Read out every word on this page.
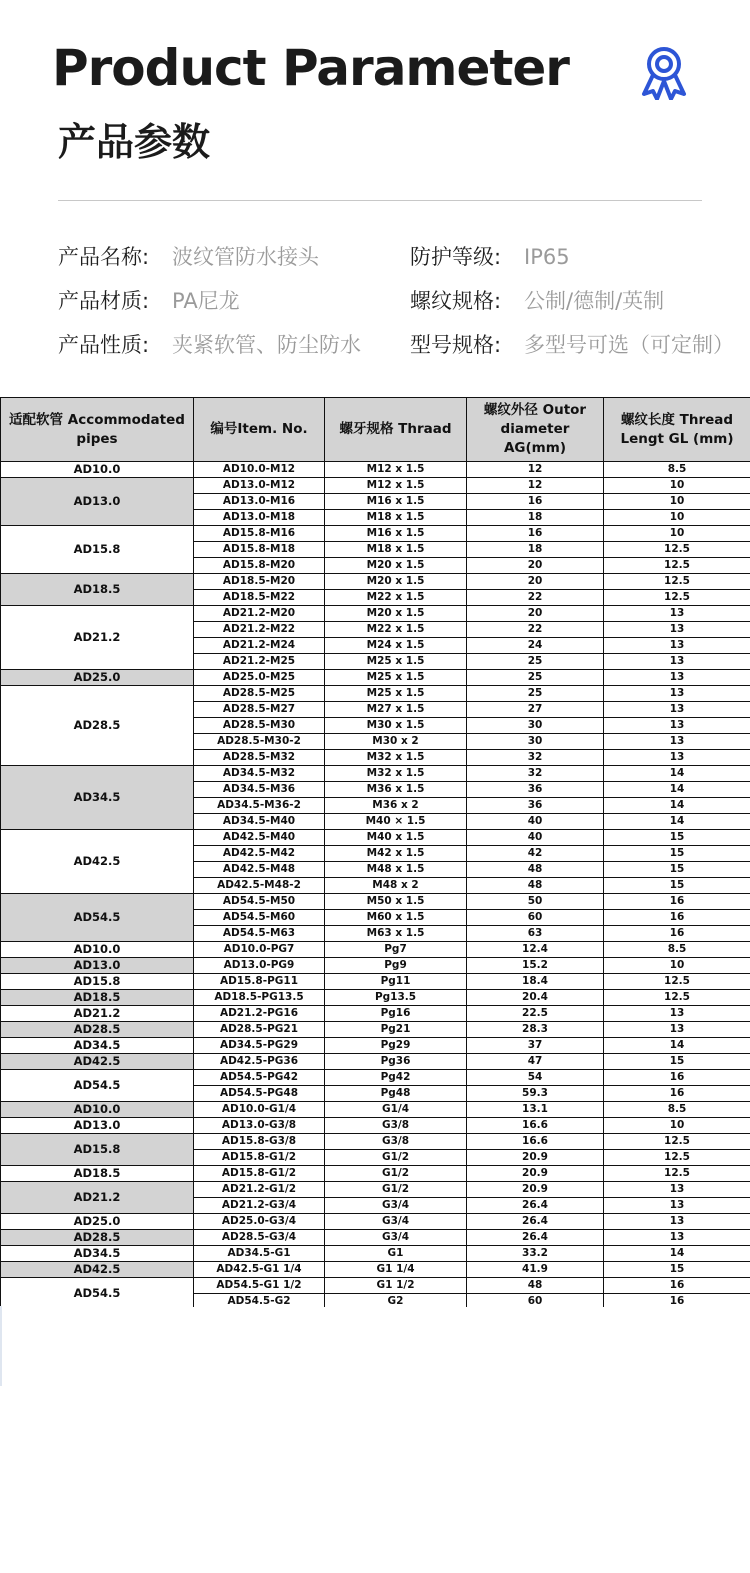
Product Parameter
产品参数
产品名称: 波纹管防水接头	防护等级: IP65
产品材质: PA尼龙	螺纹规格: 公制/德制/英制
产品性质: 夹紧软管、防尘防水 型号规格: 多型号可选（可定制）
适配软管 Accommodated pipes	编号Item. No.	螺牙规格 Thraad	螺纹外径 Outor diameter AG(mm)	螺纹长度 Thread Lengt GL (mm)
AD10.0	AD10.0-M12	M12 x 1.5	12	8.5
AD13.0	AD13.0-M12	M12 x 1.5	12	10
	AD13.0-M16	M16 x 1.5	16	10
	AD13.0-M18	M18 x 1.5	18	10
AD15.8	AD15.8-M16	M16 x 1.5	16	10
	AD15.8-M18	M18 x 1.5	18	12.5
	AD15.8-M20	M20 x 1.5	20	12.5
AD18.5	AD18.5-M20	M20 x 1.5	20	12.5
	AD18.5-M22	M22 x 1.5	22	12.5
AD21.2	AD21.2-M20	M20 x 1.5	20	13
	AD21.2-M22	M22 x 1.5	22	13
	AD21.2-M24	M24 x 1.5	24	13
	AD21.2-M25	M25 x 1.5	25	13
AD25.0	AD25.0-M25	M25 x 1.5	25	13
AD28.5	AD28.5-M25	M25 x 1.5	25	13
	AD28.5-M27	M27 x 1.5	27	13
	AD28.5-M30	M30 x 1.5	30	13
	AD28.5-M30-2	M30 x 2	30	13
	AD28.5-M32	M32 x 1.5	32	13
AD34.5	AD34.5-M32	M32 x 1.5	32	14
	AD34.5-M36	M36 x 1.5	36	14
	AD34.5-M36-2	M36 x 2	36	14
	AD34.5-M40	M40 × 1.5	40	14
AD42.5	AD42.5-M40	M40 x 1.5	40	15
	AD42.5-M42	M42 x 1.5	42	15
	AD42.5-M48	M48 x 1.5	48	15
	AD42.5-M48-2	M48 x 2	48	15
AD54.5	AD54.5-M50	M50 x 1.5	50	16
	AD54.5-M60	M60 x 1.5	60	16
	AD54.5-M63	M63 x 1.5	63	16
AD10.0	AD10.0-PG7	Pg7	12.4	8.5
AD13.0	AD13.0-PG9	Pg9	15.2	10
AD15.8	AD15.8-PG11	Pg11	18.4	12.5
AD18.5	AD18.5-PG13.5	Pg13.5	20.4	12.5
AD21.2	AD21.2-PG16	Pg16	22.5	13
AD28.5	AD28.5-PG21	Pg21	28.3	13
AD34.5	AD34.5-PG29	Pg29	37	14
AD42.5	AD42.5-PG36	Pg36	47	15
AD54.5	AD54.5-PG42	Pg42	54	16
	AD54.5-PG48	Pg48	59.3	16
AD10.0	AD10.0-G1/4	G1/4	13.1	8.5
AD13.0	AD13.0-G3/8	G3/8	16.6	10
AD15.8	AD15.8-G3/8	G3/8	16.6	12.5
	AD15.8-G1/2	G1/2	20.9	12.5
AD18.5	AD15.8-G1/2	G1/2	20.9	12.5
AD21.2	AD21.2-G1/2	G1/2	20.9	13
	AD21.2-G3/4	G3/4	26.4	13
AD25.0	AD25.0-G3/4	G3/4	26.4	13
AD28.5	AD28.5-G3/4	G3/4	26.4	13
AD34.5	AD34.5-G1	G1	33.2	14
AD42.5	AD42.5-G1 1/4	G1 1/4	41.9	15
AD54.5	AD54.5-G1 1/2	G1 1/2	48	16
	AD54.5-G2	G2	60	16
